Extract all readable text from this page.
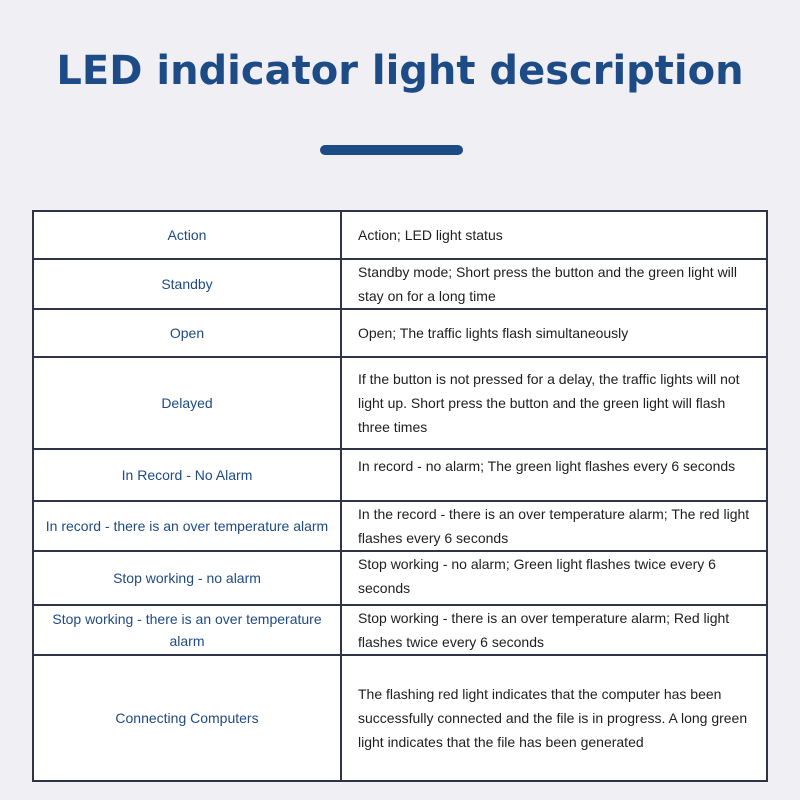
LED indicator light description
Action	Action; LED light status
Standby	Standby mode; Short press the button and the green light will stay on for a long time
Open	Open; The traffic lights flash simultaneously
Delayed	If the button is not pressed for a delay, the traffic lights will not light up. Short press the button and the green light will flash three times
In Record - No Alarm	In record - no alarm; The green light flashes every 6 seconds
In record - there is an over temperature alarm	In the record - there is an over temperature alarm; The red light flashes every 6 seconds
Stop working - no alarm	Stop working - no alarm; Green light flashes twice every 6 seconds
Stop working - there is an over temperature alarm	Stop working - there is an over temperature alarm; Red light flashes twice every 6 seconds
Connecting Computers	The flashing red light indicates that the computer has been successfully connected and the file is in progress. A long green light indicates that the file has been generated
